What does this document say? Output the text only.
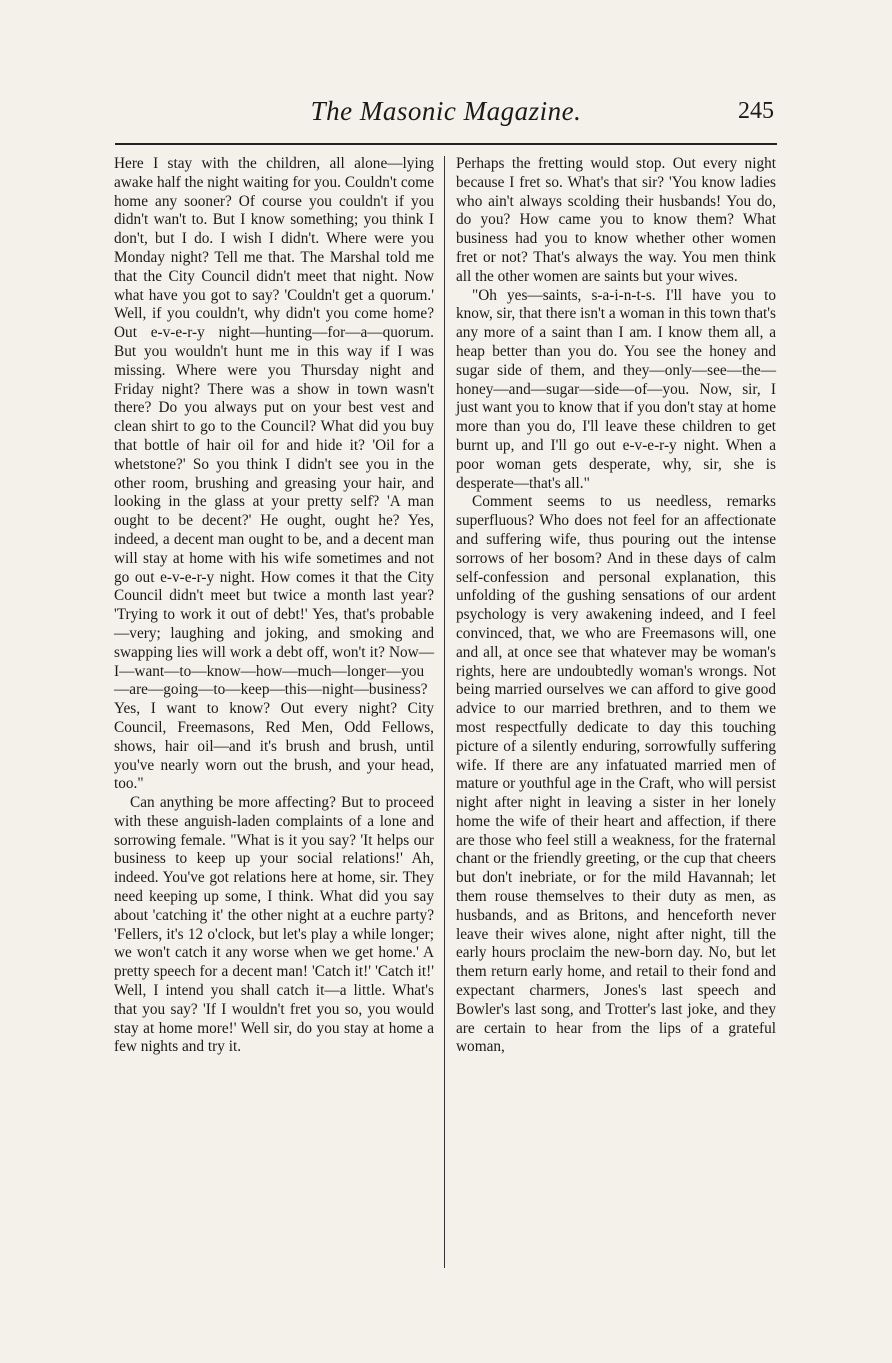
The Masonic Magazine.	245

Here I stay with the children, all alone—lying awake half the night waiting for you. Couldn't come home any sooner? Of course you couldn't if you didn't wan't to. But I know something; you think I don't, but I do. I wish I didn't. Where were you Monday night? Tell me that. The Marshal told me that the City Council didn't meet that night. Now what have you got to say? 'Couldn't get a quorum.' Well, if you couldn't, why didn't you come home? Out e-v-e-r-y night—hunting—for—a—quorum. But you wouldn't hunt me in this way if I was missing. Where were you Thursday night and Friday night? There was a show in town wasn't there? Do you always put on your best vest and clean shirt to go to the Council? What did you buy that bottle of hair oil for and hide it? 'Oil for a whetstone?' So you think I didn't see you in the other room, brushing and greasing your hair, and looking in the glass at your pretty self? 'A man ought to be decent?' He ought, ought he? Yes, indeed, a decent man ought to be, and a decent man will stay at home with his wife sometimes and not go out e-v-e-r-y night. How comes it that the City Council didn't meet but twice a month last year? 'Trying to work it out of debt!' Yes, that's probable—very; laughing and joking, and smoking and swapping lies will work a debt off, won't it? Now—I—want—to—know—how—much—longer—you—are—going—to—keep—this—night—business? Yes, I want to know? Out every night? City Council, Freemasons, Red Men, Odd Fellows, shows, hair oil—and it's brush and brush, until you've nearly worn out the brush, and your head, too."

Can anything be more affecting? But to proceed with these anguish-laden complaints of a lone and sorrowing female. "What is it you say? 'It helps our business to keep up your social relations!' Ah, indeed. You've got relations here at home, sir. They need keeping up some, I think. What did you say about 'catching it' the other night at a euchre party? 'Fellers, it's 12 o'clock, but let's play a while longer; we won't catch it any worse when we get home.' A pretty speech for a decent man! 'Catch it!' 'Catch it!' Well, I intend you shall catch it—a little. What's that you say? 'If I wouldn't fret you so, you would stay at home more!' Well sir, do you stay at home a few nights and try it.

Perhaps the fretting would stop. Out every night because I fret so. What's that sir? 'You know ladies who ain't always scolding their husbands! You do, do you? How came you to know them? What business had you to know whether other women fret or not? That's always the way. You men think all the other women are saints but your wives.

"Oh yes—saints, s-a-i-n-t-s. I'll have you to know, sir, that there isn't a woman in this town that's any more of a saint than I am. I know them all, a heap better than you do. You see the honey and sugar side of them, and they—only—see—the—honey—and—sugar—side—of—you. Now, sir, I just want you to know that if you don't stay at home more than you do, I'll leave these children to get burnt up, and I'll go out e-v-e-r-y night. When a poor woman gets desperate, why, sir, she is desperate—that's all."

Comment seems to us needless, remarks superfluous? Who does not feel for an affectionate and suffering wife, thus pouring out the intense sorrows of her bosom? And in these days of calm self-confession and personal explanation, this unfolding of the gushing sensations of our ardent psychology is very awakening indeed, and I feel convinced, that, we who are Freemasons will, one and all, at once see that whatever may be woman's rights, here are undoubtedly woman's wrongs. Not being married ourselves we can afford to give good advice to our married brethren, and to them we most respectfully dedicate to day this touching picture of a silently enduring, sorrowfully suffering wife. If there are any infatuated married men of mature or youthful age in the Craft, who will persist night after night in leaving a sister in her lonely home the wife of their heart and affection, if there are those who feel still a weakness, for the fraternal chant or the friendly greeting, or the cup that cheers but don't inebriate, or for the mild Havannah; let them rouse themselves to their duty as men, as husbands, and as Britons, and henceforth never leave their wives alone, night after night, till the early hours proclaim the new-born day. No, but let them return early home, and retail to their fond and expectant charmers, Jones's last speech and Bowler's last song, and Trotter's last joke, and they are certain to hear from the lips of a grateful woman,
